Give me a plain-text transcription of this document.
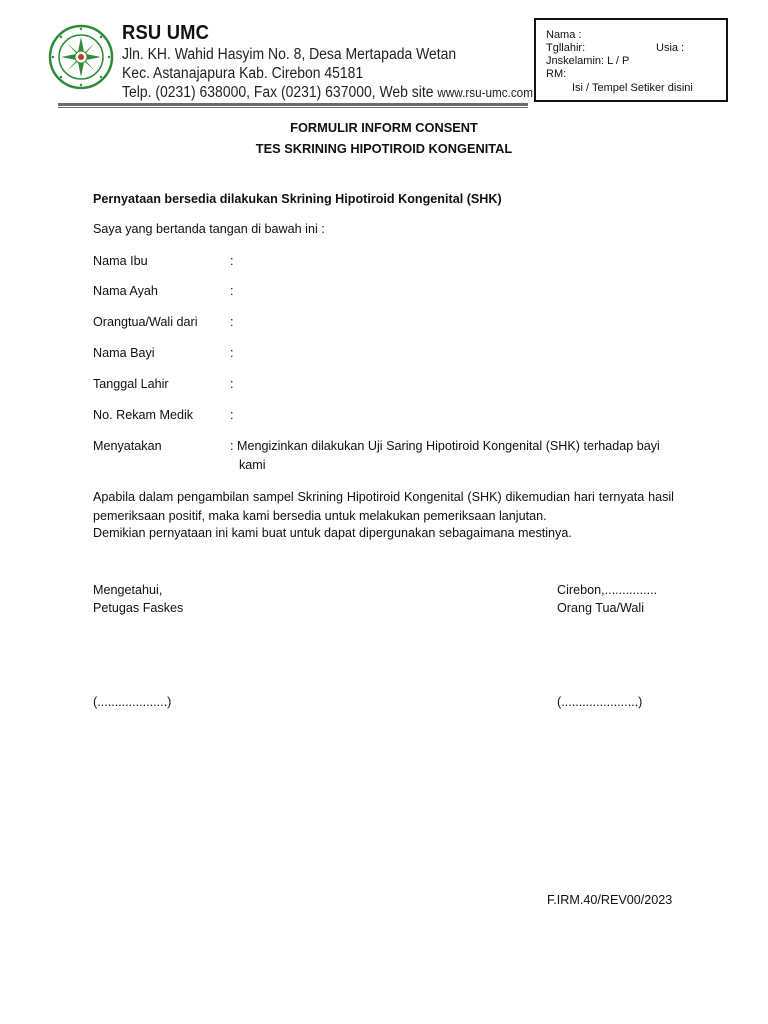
RSU UMC
Jln. KH. Wahid Hasyim No. 8, Desa Mertapada Wetan
Kec. Astanajapura Kab. Cirebon 45181
Telp. (0231) 638000, Fax (0231) 637000, Web site www.rsu-umc.com
Nama :
Tgllahir:	Usia :
Jnskelamin: L / P
RM:
Isi / Tempel Setiker disini
FORMULIR INFORM CONSENT
TES SKRINING HIPOTIROID KONGENITAL
Pernyataan bersedia dilakukan Skrining Hipotiroid Kongenital (SHK)
Saya yang bertanda tangan di bawah ini :
Nama Ibu	:
Nama Ayah	:
Orangtua/Wali dari	:
Nama Bayi	:
Tanggal Lahir	:
No. Rekam Medik	:
Menyatakan	: Mengizinkan dilakukan Uji Saring Hipotiroid Kongenital (SHK) terhadap bayi
kami
Apabila dalam pengambilan sampel Skrining Hipotiroid Kongenital (SHK) dikemudian hari ternyata hasil pemeriksaan positif, maka kami bersedia untuk melakukan pemeriksaan lanjutan.
Demikian pernyataan ini kami buat untuk dapat dipergunakan sebagaimana mestinya.
Mengetahui,
Petugas Faskes
Cirebon,...............
Orang Tua/Wali
(....................)	(......................)
F.IRM.40/REV00/2023
